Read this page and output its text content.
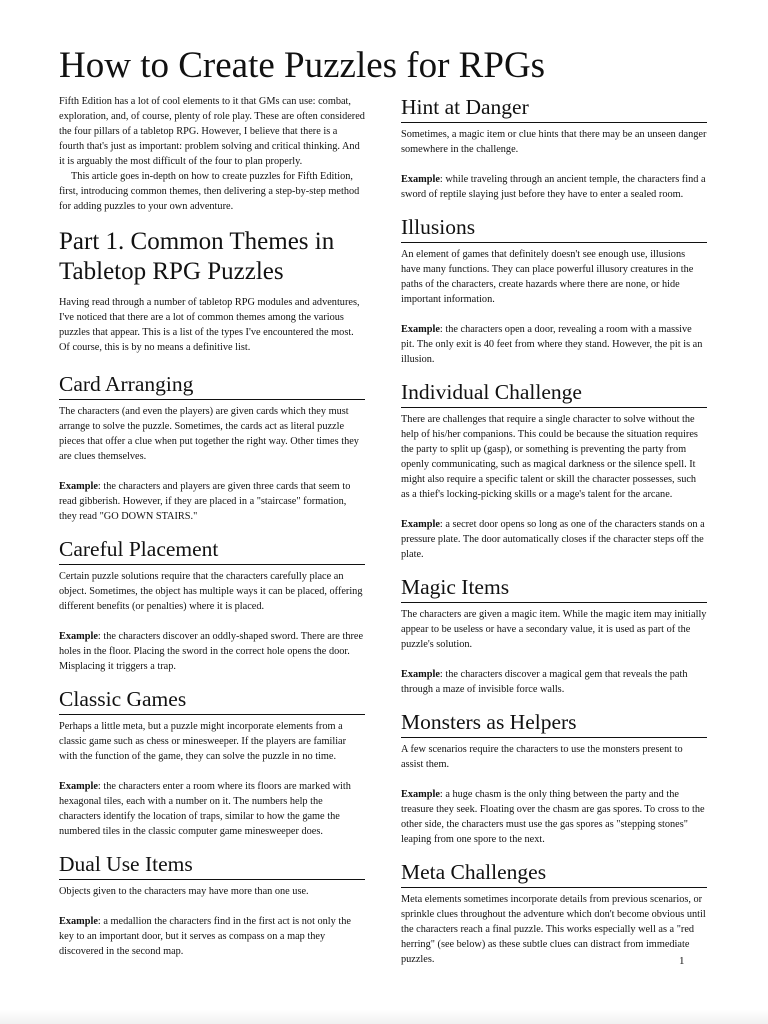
How to Create Puzzles for RPGs

Fifth Edition has a lot of cool elements to it that GMs can use: combat, exploration, and, of course, plenty of role play. These are often considered the four pillars of a tabletop RPG. However, I believe that there is a fourth that's just as important: problem solving and critical thinking. And it is arguably the most difficult of the four to plan properly.

This article goes in-depth on how to create puzzles for Fifth Edition, first, introducing common themes, then delivering a step-by-step method for adding puzzles to your own adventure.

Part 1. Common Themes in Tabletop RPG Puzzles

Having read through a number of tabletop RPG modules and adventures, I've noticed that there are a lot of common themes among the various puzzles that appear. This is a list of the types I've encountered the most. Of course, this is by no means a definitive list.

Card Arranging

The characters (and even the players) are given cards which they must arrange to solve the puzzle. Sometimes, the cards act as literal puzzle pieces that offer a clue when put together the right way. Other times they are clues themselves.

Example: the characters and players are given three cards that seem to read gibberish. However, if they are placed in a "staircase" formation, they read "GO DOWN STAIRS."

Careful Placement

Certain puzzle solutions require that the characters carefully place an object. Sometimes, the object has multiple ways it can be placed, offering different benefits (or penalties) where it is placed.

Example: the characters discover an oddly-shaped sword. There are three holes in the floor. Placing the sword in the correct hole opens the door. Misplacing it triggers a trap.

Classic Games

Perhaps a little meta, but a puzzle might incorporate elements from a classic game such as chess or minesweeper. If the players are familiar with the function of the game, they can solve the puzzle in no time.

Example: the characters enter a room where its floors are marked with hexagonal tiles, each with a number on it. The numbers help the characters identify the location of traps, similar to how the game the numbered tiles in the classic computer game minesweeper does.

Dual Use Items

Objects given to the characters may have more than one use.

Example: a medallion the characters find in the first act is not only the key to an important door, but it serves as compass on a map they discovered in the second map.

Hint at Danger

Sometimes, a magic item or clue hints that there may be an unseen danger somewhere in the challenge.

Example: while traveling through an ancient temple, the characters find a sword of reptile slaying just before they have to enter a sealed room.

Illusions

An element of games that definitely doesn't see enough use, illusions have many functions. They can place powerful illusory creatures in the paths of the characters, create hazards where there are none, or hide important information.

Example: the characters open a door, revealing a room with a massive pit. The only exit is 40 feet from where they stand. However, the pit is an illusion.

Individual Challenge

There are challenges that require a single character to solve without the help of his/her companions. This could be because the situation requires the party to split up (gasp), or something is preventing the party from openly communicating, such as magical darkness or the silence spell. It might also require a specific talent or skill the character possesses, such as a thief's locking-picking skills or a mage's talent for the arcane.

Example: a secret door opens so long as one of the characters stands on a pressure plate. The door automatically closes if the character steps off the plate.

Magic Items

The characters are given a magic item. While the magic item may initially appear to be useless or have a secondary value, it is used as part of the puzzle's solution.

Example: the characters discover a magical gem that reveals the path through a maze of invisible force walls.

Monsters as Helpers

A few scenarios require the characters to use the monsters present to assist them.

Example: a huge chasm is the only thing between the party and the treasure they seek. Floating over the chasm are gas spores. To cross to the other side, the characters must use the gas spores as "stepping stones" leaping from one spore to the next.

Meta Challenges

Meta elements sometimes incorporate details from previous scenarios, or sprinkle clues throughout the adventure which don't become obvious until the characters reach a final puzzle. This works especially well as a "red herring" (see below) as these subtle clues can distract from immediate puzzles.	1
